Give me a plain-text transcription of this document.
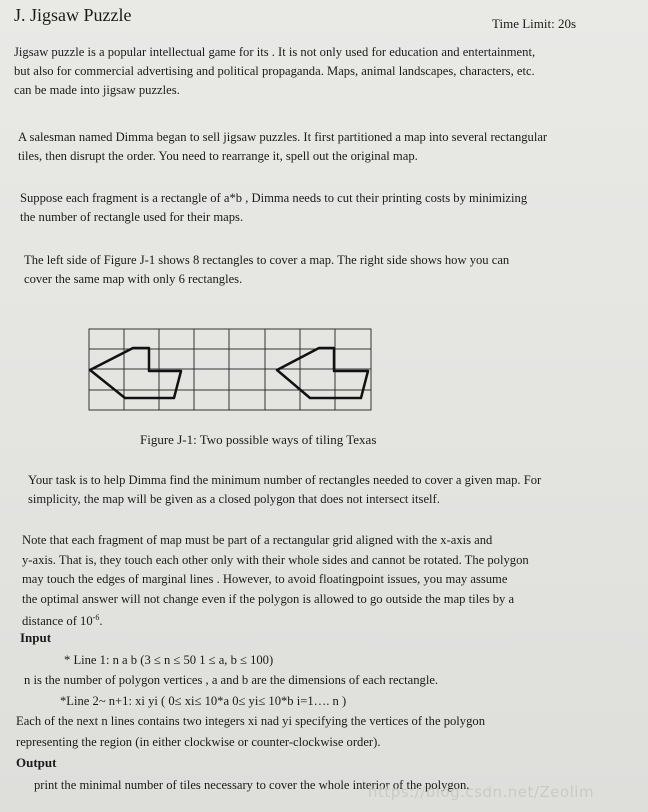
J. Jigsaw Puzzle	Time Limit: 20s
Jigsaw puzzle is a popular intellectual game for its . It is not only used for education and entertainment,
but also for commercial advertising and political propaganda. Maps, animal landscapes, characters, etc.
can be made into jigsaw puzzles.
A salesman named Dimma began to sell jigsaw puzzles. It first partitioned a map into several rectangular
tiles, then disrupt the order. You need to rearrange it, spell out the original map.
Suppose each fragment is a rectangle of a*b , Dimma needs to cut their printing costs by minimizing
the number of rectangle used for their maps.
The left side of Figure J-1 shows 8 rectangles to cover a map. The right side shows how you can
cover the same map with only 6 rectangles.
Figure J-1: Two possible ways of tiling Texas
Your task is to help Dimma find the minimum number of rectangles needed to cover a given map. For
simplicity, the map will be given as a closed polygon that does not intersect itself.
Note that each fragment of map must be part of a rectangular grid aligned with the x-axis and
y-axis. That is, they touch each other only with their whole sides and cannot be rotated. The polygon
may touch the edges of marginal lines . However, to avoid floatingpoint issues, you may assume
the optimal answer will not change even if the polygon is allowed to go outside the map tiles by a
distance of $10^{-6}$.
Input
* Line 1: n a b (3 ≤ n ≤ 50 1 ≤ a, b ≤ 100)
n is the number of polygon vertices , a and b are the dimensions of each rectangle.
*Line 2~ n+1: xi yi ( 0≤ xi≤ 10*a 0≤ yi≤ 10*b i=1…. n )
Each of the next n lines contains two integers xi nad yi specifying the vertices of the polygon
representing the region (in either clockwise or counter-clockwise order).
Output
print the minimal number of tiles necessary to cover the whole interior of the polygon.
https://blog.csdn.net/Zeolim
